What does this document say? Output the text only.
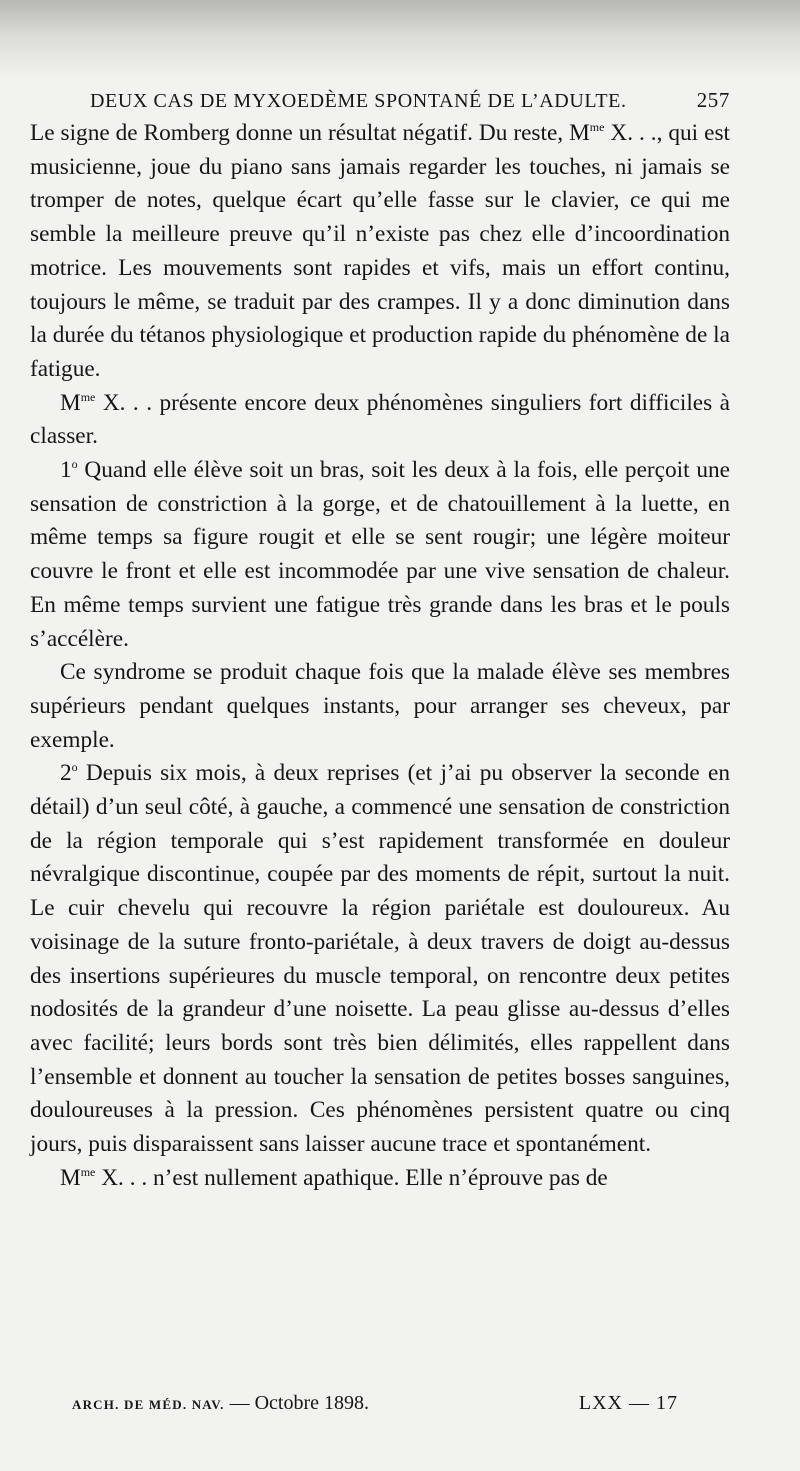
DEUX CAS DE MYXOEDÈME SPONTANÉ DE L’ADULTE.	257

Le signe de Romberg donne un résultat négatif. Du reste, $M^{me}$ X. . ., qui est musicienne, joue du piano sans jamais regarder les touches, ni jamais se tromper de notes, quelque écart qu’elle fasse sur le clavier, ce qui me semble la meilleure preuve qu’il n’existe pas chez elle d’incoordination motrice. Les mouvements sont rapides et vifs, mais un effort continu, toujours le même, se traduit par des crampes. Il y a donc diminution dans la durée du tétanos physiologique et production rapide du phénomène de la fatigue.

$M^{me}$ X. . . présente encore deux phénomènes singuliers fort difficiles à classer.

1$^o$ Quand elle élève soit un bras, soit les deux à la fois, elle perçoit une sensation de constriction à la gorge, et de chatouillement à la luette, en même temps sa figure rougit et elle se sent rougir; une légère moiteur couvre le front et elle est incommodée par une vive sensation de chaleur. En même temps survient une fatigue très grande dans les bras et le pouls s’accélère.

Ce syndrome se produit chaque fois que la malade élève ses membres supérieurs pendant quelques instants, pour arranger ses cheveux, par exemple.

2$^o$ Depuis six mois, à deux reprises (et j’ai pu observer la seconde en détail) d’un seul côté, à gauche, a commencé une sensation de constriction de la région temporale qui s’est rapidement transformée en douleur névralgique discontinue, coupée par des moments de répit, surtout la nuit. Le cuir chevelu qui recouvre la région pariétale est douloureux. Au voisinage de la suture fronto-pariétale, à deux travers de doigt au-dessus des insertions supérieures du muscle temporal, on rencontre deux petites nodosités de la grandeur d’une noisette. La peau glisse au-dessus d’elles avec facilité; leurs bords sont très bien délimités, elles rappellent dans l’ensemble et donnent au toucher la sensation de petites bosses sanguines, douloureuses à la pression. Ces phénomènes persistent quatre ou cinq jours, puis disparaissent sans laisser aucune trace et spontanément.

$M^{me}$ X. . . n’est nullement apathique. Elle n’éprouve pas de

ARCH. DE MÉD. NAV. — Octobre 1898.	LXX — 17
